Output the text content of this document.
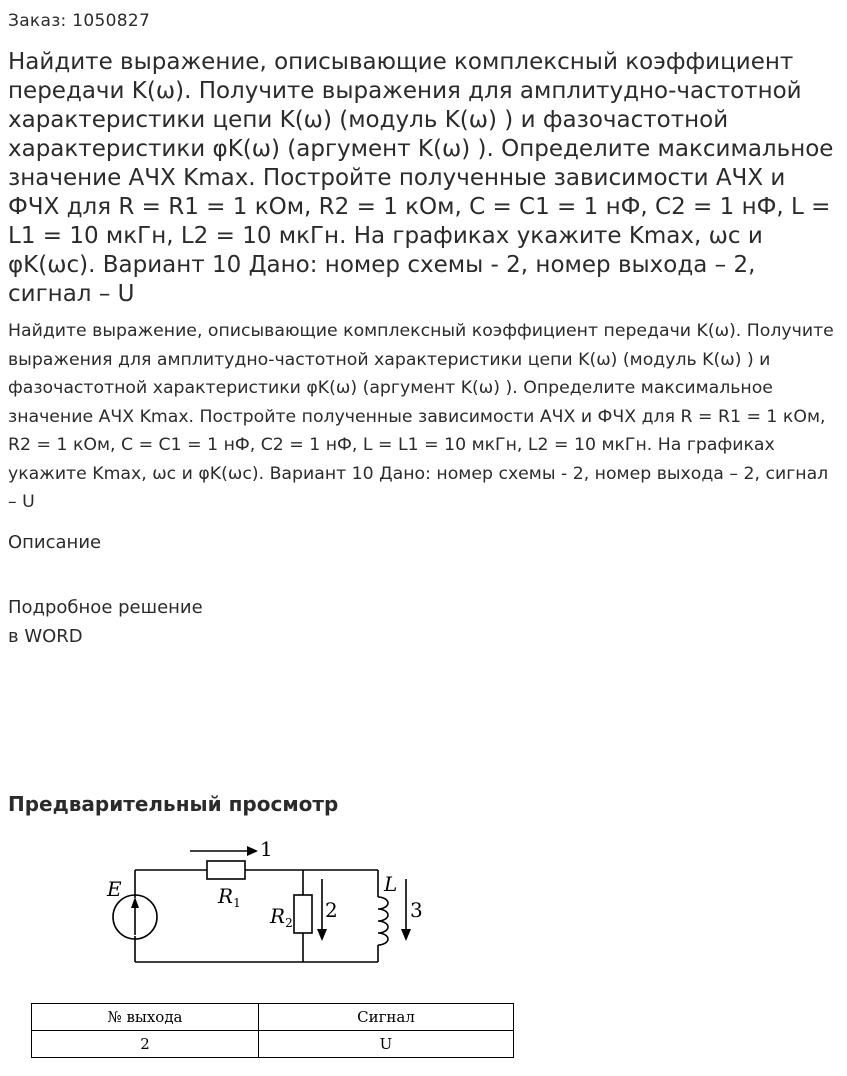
Заказ: 1050827
Найдите выражение, описывающие комплексный коэффициент передачи K(ω). Получите выражения для амплитудно-частотной характеристики цепи K(ω) (модуль K(ω) ) и фазочастотной характеристики φK(ω) (аргумент K(ω) ). Определите максимальное значение АЧХ Kmax. Постройте полученные зависимости АЧХ и ФЧХ для R = R1 = 1 кОм, R2 = 1 кОм, C = C1 = 1 нФ, C2 = 1 нФ, L = L1 = 10 мкГн, L2 = 10 мкГн. На графиках укажите Kmax, ωc и φK(ωc). Вариант 10 Дано: номер схемы - 2, номер выхода – 2, сигнал – U

Найдите выражение, описывающие комплексный коэффициент передачи K(ω). Получите выражения для амплитудно-частотной характеристики цепи K(ω) (модуль K(ω) ) и фазочастотной характеристики φK(ω) (аргумент K(ω) ). Определите максимальное значение АЧХ Kmax. Постройте полученные зависимости АЧХ и ФЧХ для R = R1 = 1 кОм, R2 = 1 кОм, C = C1 = 1 нФ, C2 = 1 нФ, L = L1 = 10 мкГн, L2 = 10 мкГн. На графиках укажите Kmax, ωc и φK(ωc). Вариант 10 Дано: номер схемы - 2, номер выхода – 2, сигнал – U

Описание
Подробное решение
в WORD
Предварительный просмотр
1
E	$R_1$
$R_2$
2
L
3
№ выхода	Сигнал
2	U
